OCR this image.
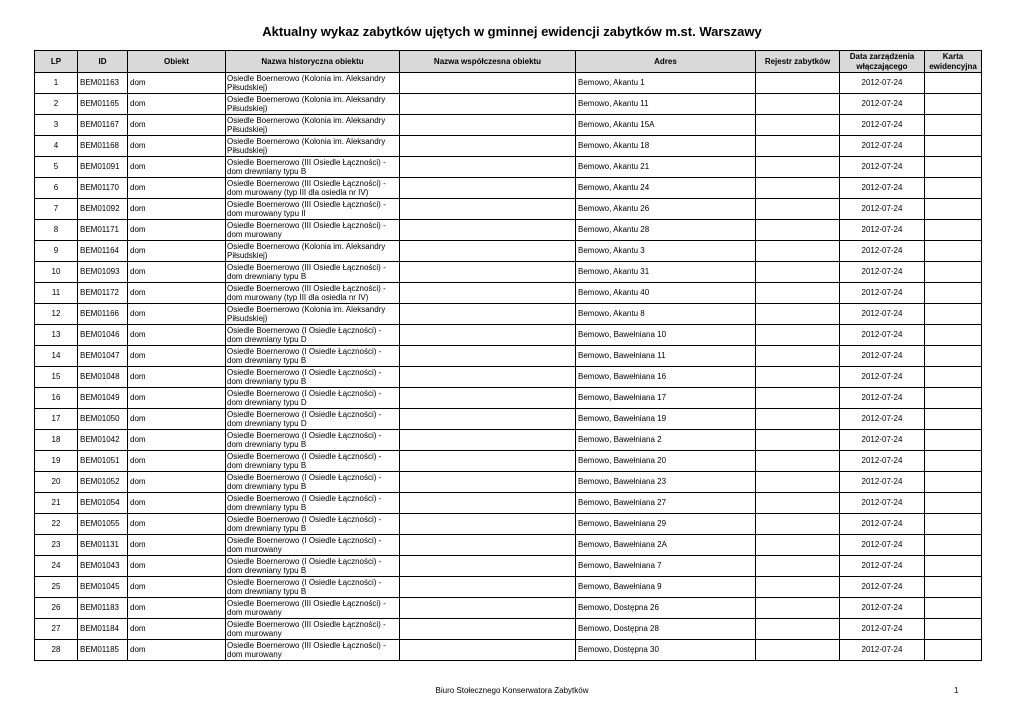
Aktualny wykaz zabytków ujętych w gminnej ewidencji zabytków m.st. Warszawy
LP	ID	Obiekt	Nazwa historyczna obiektu	Nazwa współczesna obiektu	Adres	Rejestr zabytków	Data zarządzenia włączającego	Karta ewidencyjna
1	BEM01163	dom	Osiedle Boernerowo (Kolonia im. Aleksandry Piłsudskiej)		Bemowo, Akantu 1		2012-07-24	
2	BEM01165	dom	Osiedle Boernerowo (Kolonia im. Aleksandry Piłsudskiej)		Bemowo, Akantu 11		2012-07-24	
3	BEM01167	dom	Osiedle Boernerowo (Kolonia im. Aleksandry Piłsudskiej)		Bemowo, Akantu 15A		2012-07-24	
4	BEM01168	dom	Osiedle Boernerowo (Kolonia im. Aleksandry Piłsudskiej)		Bemowo, Akantu 18		2012-07-24	
5	BEM01091	dom	Osiedle Boernerowo (III Osiedle Łączności) - dom drewniany typu B		Bemowo, Akantu 21		2012-07-24	
6	BEM01170	dom	Osiedle Boernerowo (III Osiedle Łączności) - dom murowany (typ III dla osiedla nr IV)		Bemowo, Akantu 24		2012-07-24	
7	BEM01092	dom	Osiedle Boernerowo (III Osiedle Łączności) - dom murowany typu II		Bemowo, Akantu 26		2012-07-24	
8	BEM01171	dom	Osiedle Boernerowo (III Osiedle Łączności) - dom murowany		Bemowo, Akantu 28		2012-07-24	
9	BEM01164	dom	Osiedle Boernerowo (Kolonia im. Aleksandry Piłsudskiej)		Bemowo, Akantu 3		2012-07-24	
10	BEM01093	dom	Osiedle Boernerowo (III Osiedle Łączności) - dom drewniany typu B		Bemowo, Akantu 31		2012-07-24	
11	BEM01172	dom	Osiedle Boernerowo (III Osiedle Łączności) - dom murowany (typ III dla osiedla nr IV)		Bemowo, Akantu 40		2012-07-24	
12	BEM01166	dom	Osiedle Boernerowo (Kolonia im. Aleksandry Piłsudskiej)		Bemowo, Akantu 8		2012-07-24	
13	BEM01046	dom	Osiedle Boernerowo (I Osiedle Łączności) - dom drewniany typu D		Bemowo, Bawełniana 10		2012-07-24	
14	BEM01047	dom	Osiedle Boernerowo (I Osiedle Łączności) - dom drewniany typu B		Bemowo, Bawełniana 11		2012-07-24	
15	BEM01048	dom	Osiedle Boernerowo (I Osiedle Łączności) - dom drewniany typu B		Bemowo, Bawełniana 16		2012-07-24	
16	BEM01049	dom	Osiedle Boernerowo (I Osiedle Łączności) - dom drewniany typu D		Bemowo, Bawełniana 17		2012-07-24	
17	BEM01050	dom	Osiedle Boernerowo (I Osiedle Łączności) - dom drewniany typu D		Bemowo, Bawełniana 19		2012-07-24	
18	BEM01042	dom	Osiedle Boernerowo (I Osiedle Łączności) - dom drewniany typu B		Bemowo, Bawełniana 2		2012-07-24	
19	BEM01051	dom	Osiedle Boernerowo (I Osiedle Łączności) - dom drewniany typu B		Bemowo, Bawełniana 20		2012-07-24	
20	BEM01052	dom	Osiedle Boernerowo (I Osiedle Łączności) - dom drewniany typu B		Bemowo, Bawełniana 23		2012-07-24	
21	BEM01054	dom	Osiedle Boernerowo (I Osiedle Łączności) - dom drewniany typu B		Bemowo, Bawełniana 27		2012-07-24	
22	BEM01055	dom	Osiedle Boernerowo (I Osiedle Łączności) - dom drewniany typu B		Bemowo, Bawełniana 29		2012-07-24	
23	BEM01131	dom	Osiedle Boernerowo (I Osiedle Łączności) - dom murowany		Bemowo, Bawełniana 2A		2012-07-24	
24	BEM01043	dom	Osiedle Boernerowo (I Osiedle Łączności) - dom drewniany typu B		Bemowo, Bawełniana 7		2012-07-24	
25	BEM01045	dom	Osiedle Boernerowo (I Osiedle Łączności) - dom drewniany typu B		Bemowo, Bawełniana 9		2012-07-24	
26	BEM01183	dom	Osiedle Boernerowo (III Osiedle Łączności) - dom murowany		Bemowo, Dostępna 26		2012-07-24	
27	BEM01184	dom	Osiedle Boernerowo (III Osiedle Łączności) - dom murowany		Bemowo, Dostępna 28		2012-07-24	
28	BEM01185	dom	Osiedle Boernerowo (III Osiedle Łączności) - dom murowany		Bemowo, Dostępna 30		2012-07-24	
Biuro Stołecznego Konserwatora Zabytków	1
